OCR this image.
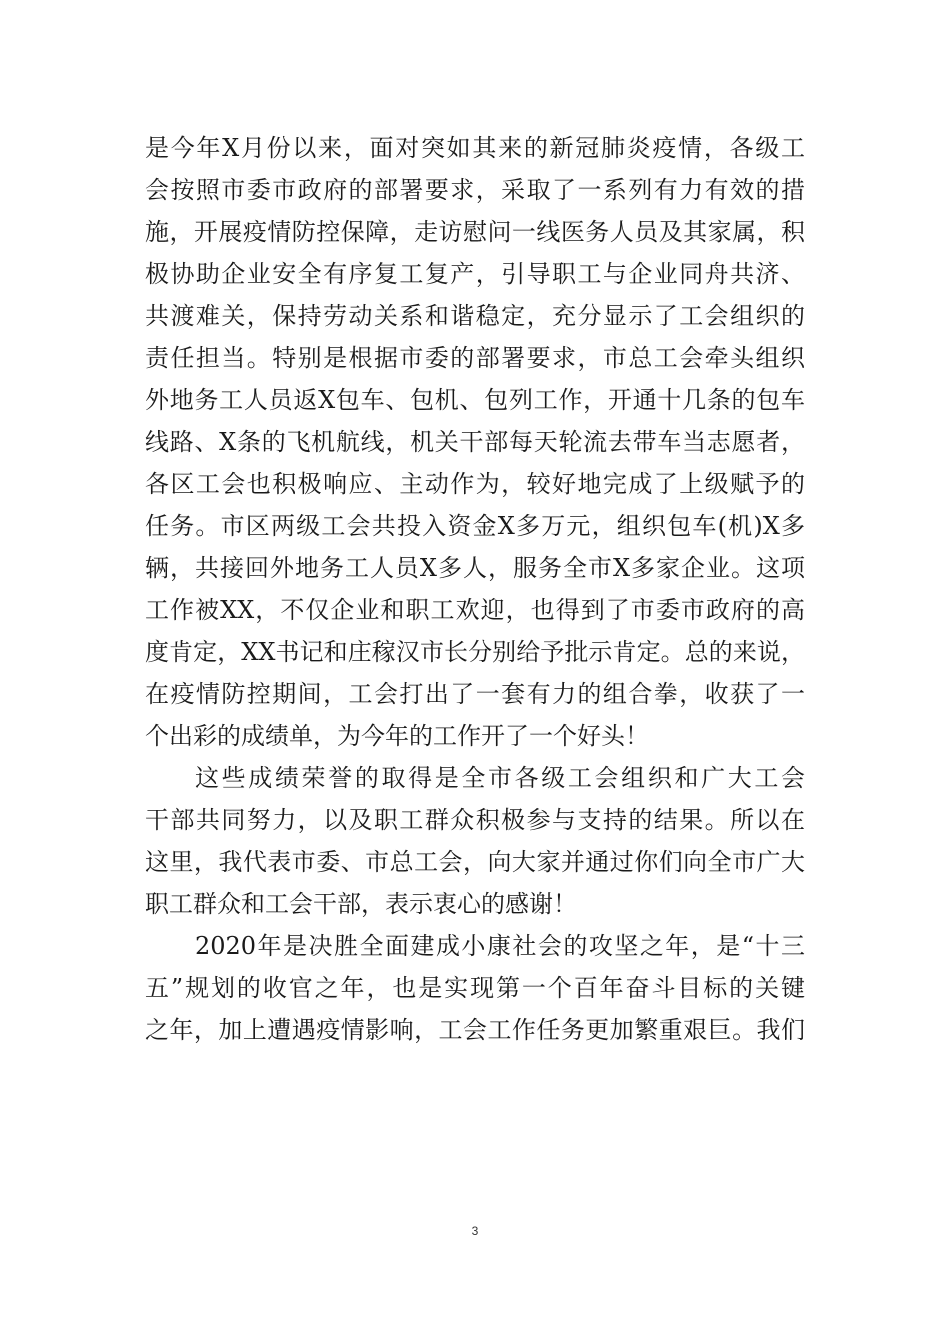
是今年X月份以来，面对突如其来的新冠肺炎疫情，各级工
会按照市委市政府的部署要求，采取了一系列有力有效的措
施，开展疫情防控保障，走访慰问一线医务人员及其家属，积
极协助企业安全有序复工复产，引导职工与企业同舟共济、
共渡难关，保持劳动关系和谐稳定，充分显示了工会组织的
责任担当。特别是根据市委的部署要求，市总工会牵头组织
外地务工人员返X包车、包机、包列工作，开通十几条的包车
线路、X条的飞机航线，机关干部每天轮流去带车当志愿者，
各区工会也积极响应、主动作为，较好地完成了上级赋予的
任务。市区两级工会共投入资金X多万元，组织包车(机)X多
辆，共接回外地务工人员X多人，服务全市X多家企业。这项
工作被XX，不仅企业和职工欢迎，也得到了市委市政府的高
度肯定，XX书记和庄稼汉市长分别给予批示肯定。总的来说，
在疫情防控期间，工会打出了一套有力的组合拳，收获了一
个出彩的成绩单，为今年的工作开了一个好头！
这些成绩荣誉的取得是全市各级工会组织和广大工会
干部共同努力，以及职工群众积极参与支持的结果。所以在
这里，我代表市委、市总工会，向大家并通过你们向全市广大
职工群众和工会干部，表示衷心的感谢！
2020年是决胜全面建成小康社会的攻坚之年，是“十三
五”规划的收官之年，也是实现第一个百年奋斗目标的关键
之年，加上遭遇疫情影响，工会工作任务更加繁重艰巨。我们
3
